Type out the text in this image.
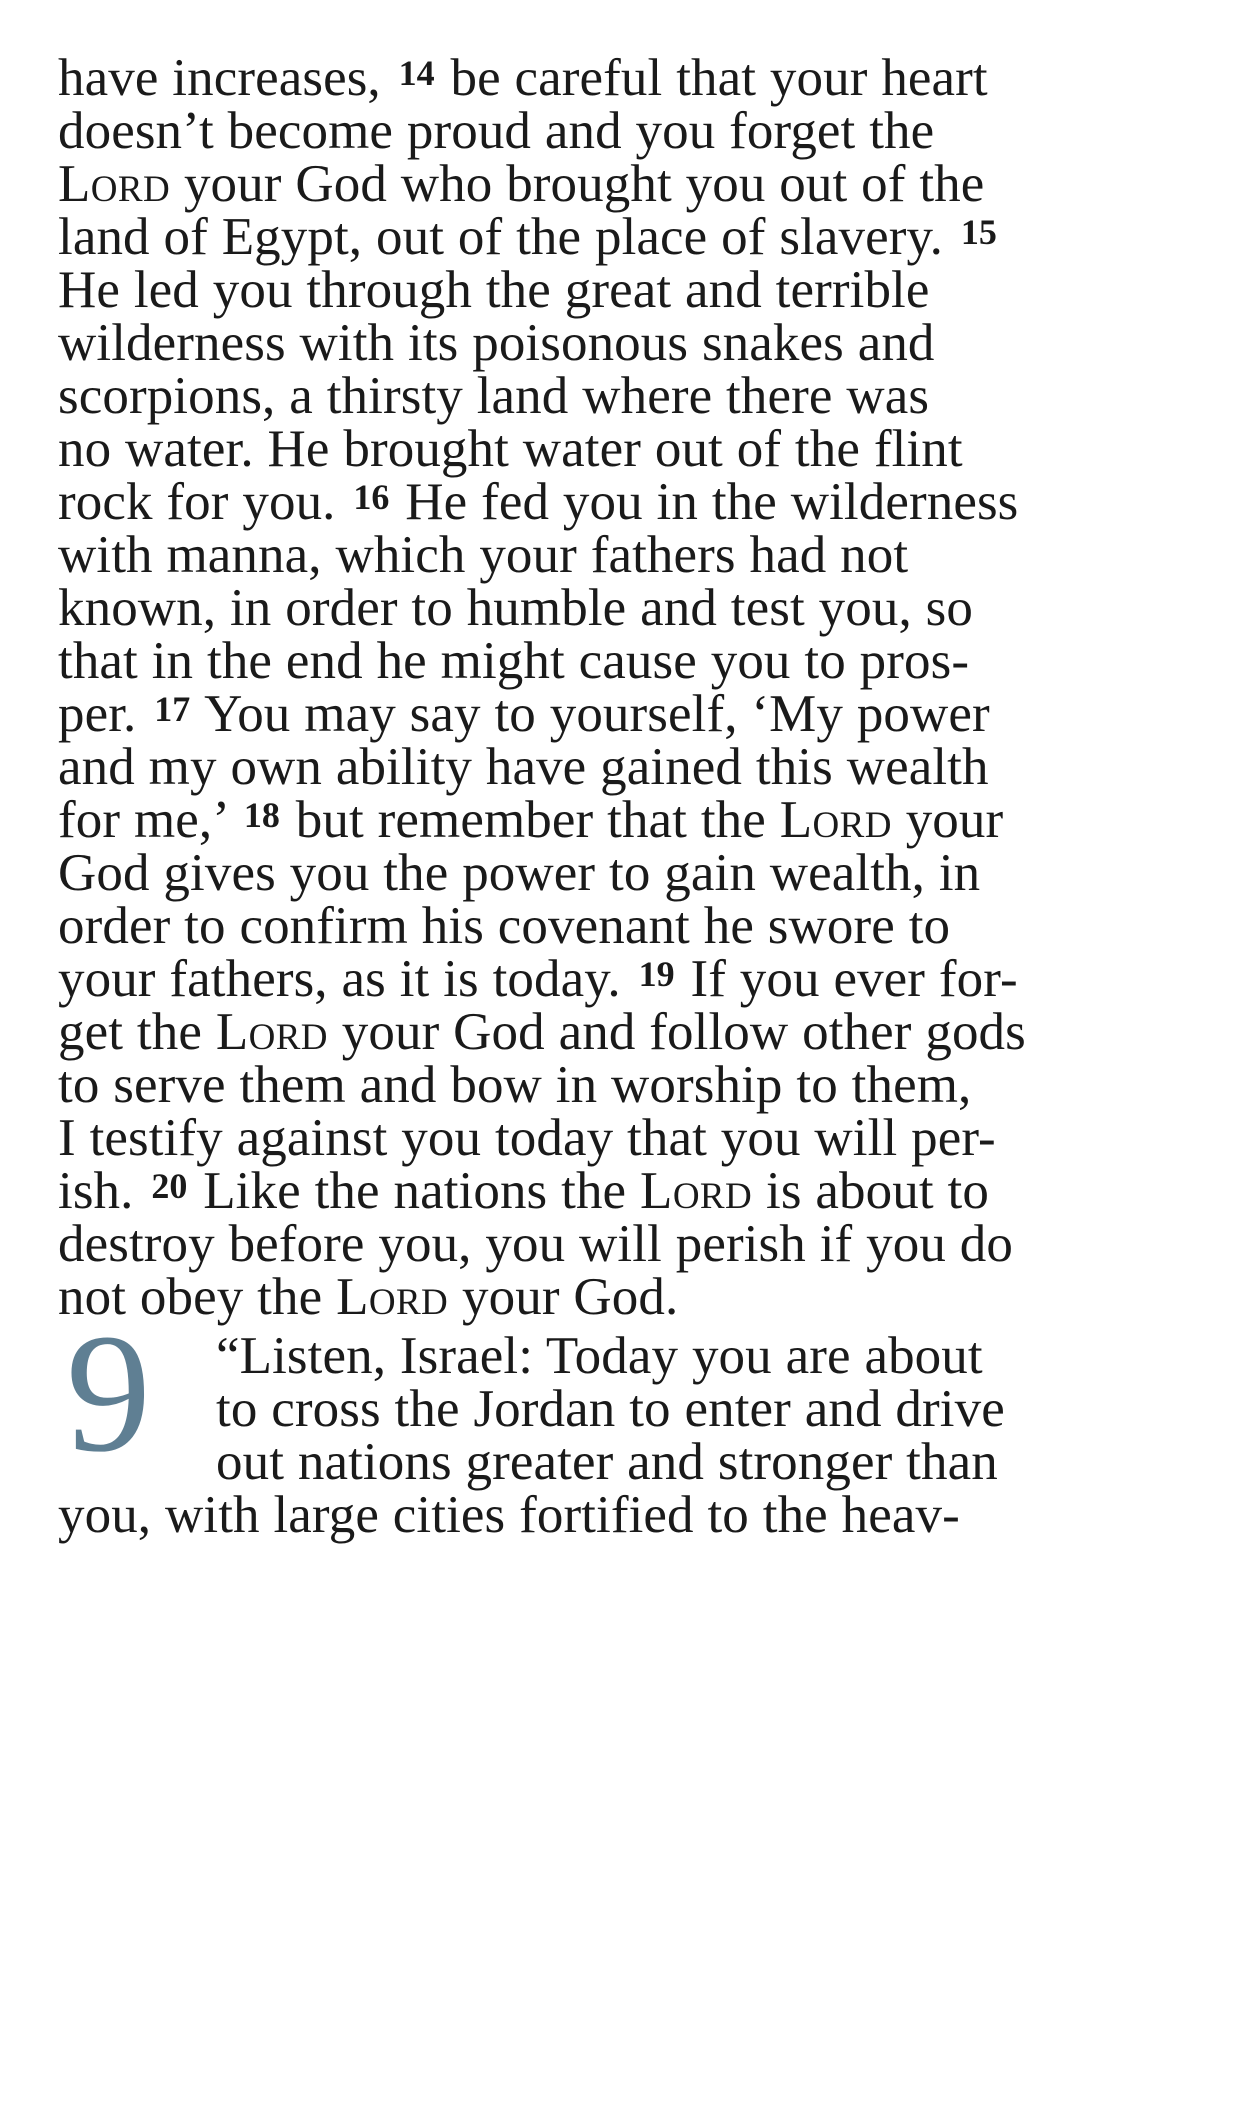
have increases, 14 be careful that your heart
doesn’t become proud and you forget the
Lord your God who brought you out of the
land of Egypt, out of the place of slavery. 15
He led you through the great and terrible
wilderness with its poisonous snakes and
scorpions, a thirsty land where there was
no water. He brought water out of the flint
rock for you. 16 He fed you in the wilderness
with manna, which your fathers had not
known, in order to humble and test you, so
that in the end he might cause you to pros-
per. 17 You may say to yourself, ‘My power
and my own ability have gained this wealth
for me,’ 18 but remember that the Lord your
God gives you the power to gain wealth, in
order to confirm his covenant he swore to
your fathers, as it is today. 19 If you ever for-
get the Lord your God and follow other gods
to serve them and bow in worship to them,
I testify against you today that you will per-
ish. 20 Like the nations the Lord is about to
destroy before you, you will perish if you do
not obey the Lord your God.

9 “Listen, Israel: Today you are about
to cross the Jordan to enter and drive
out nations greater and stronger than
you, with large cities fortified to the heav-
